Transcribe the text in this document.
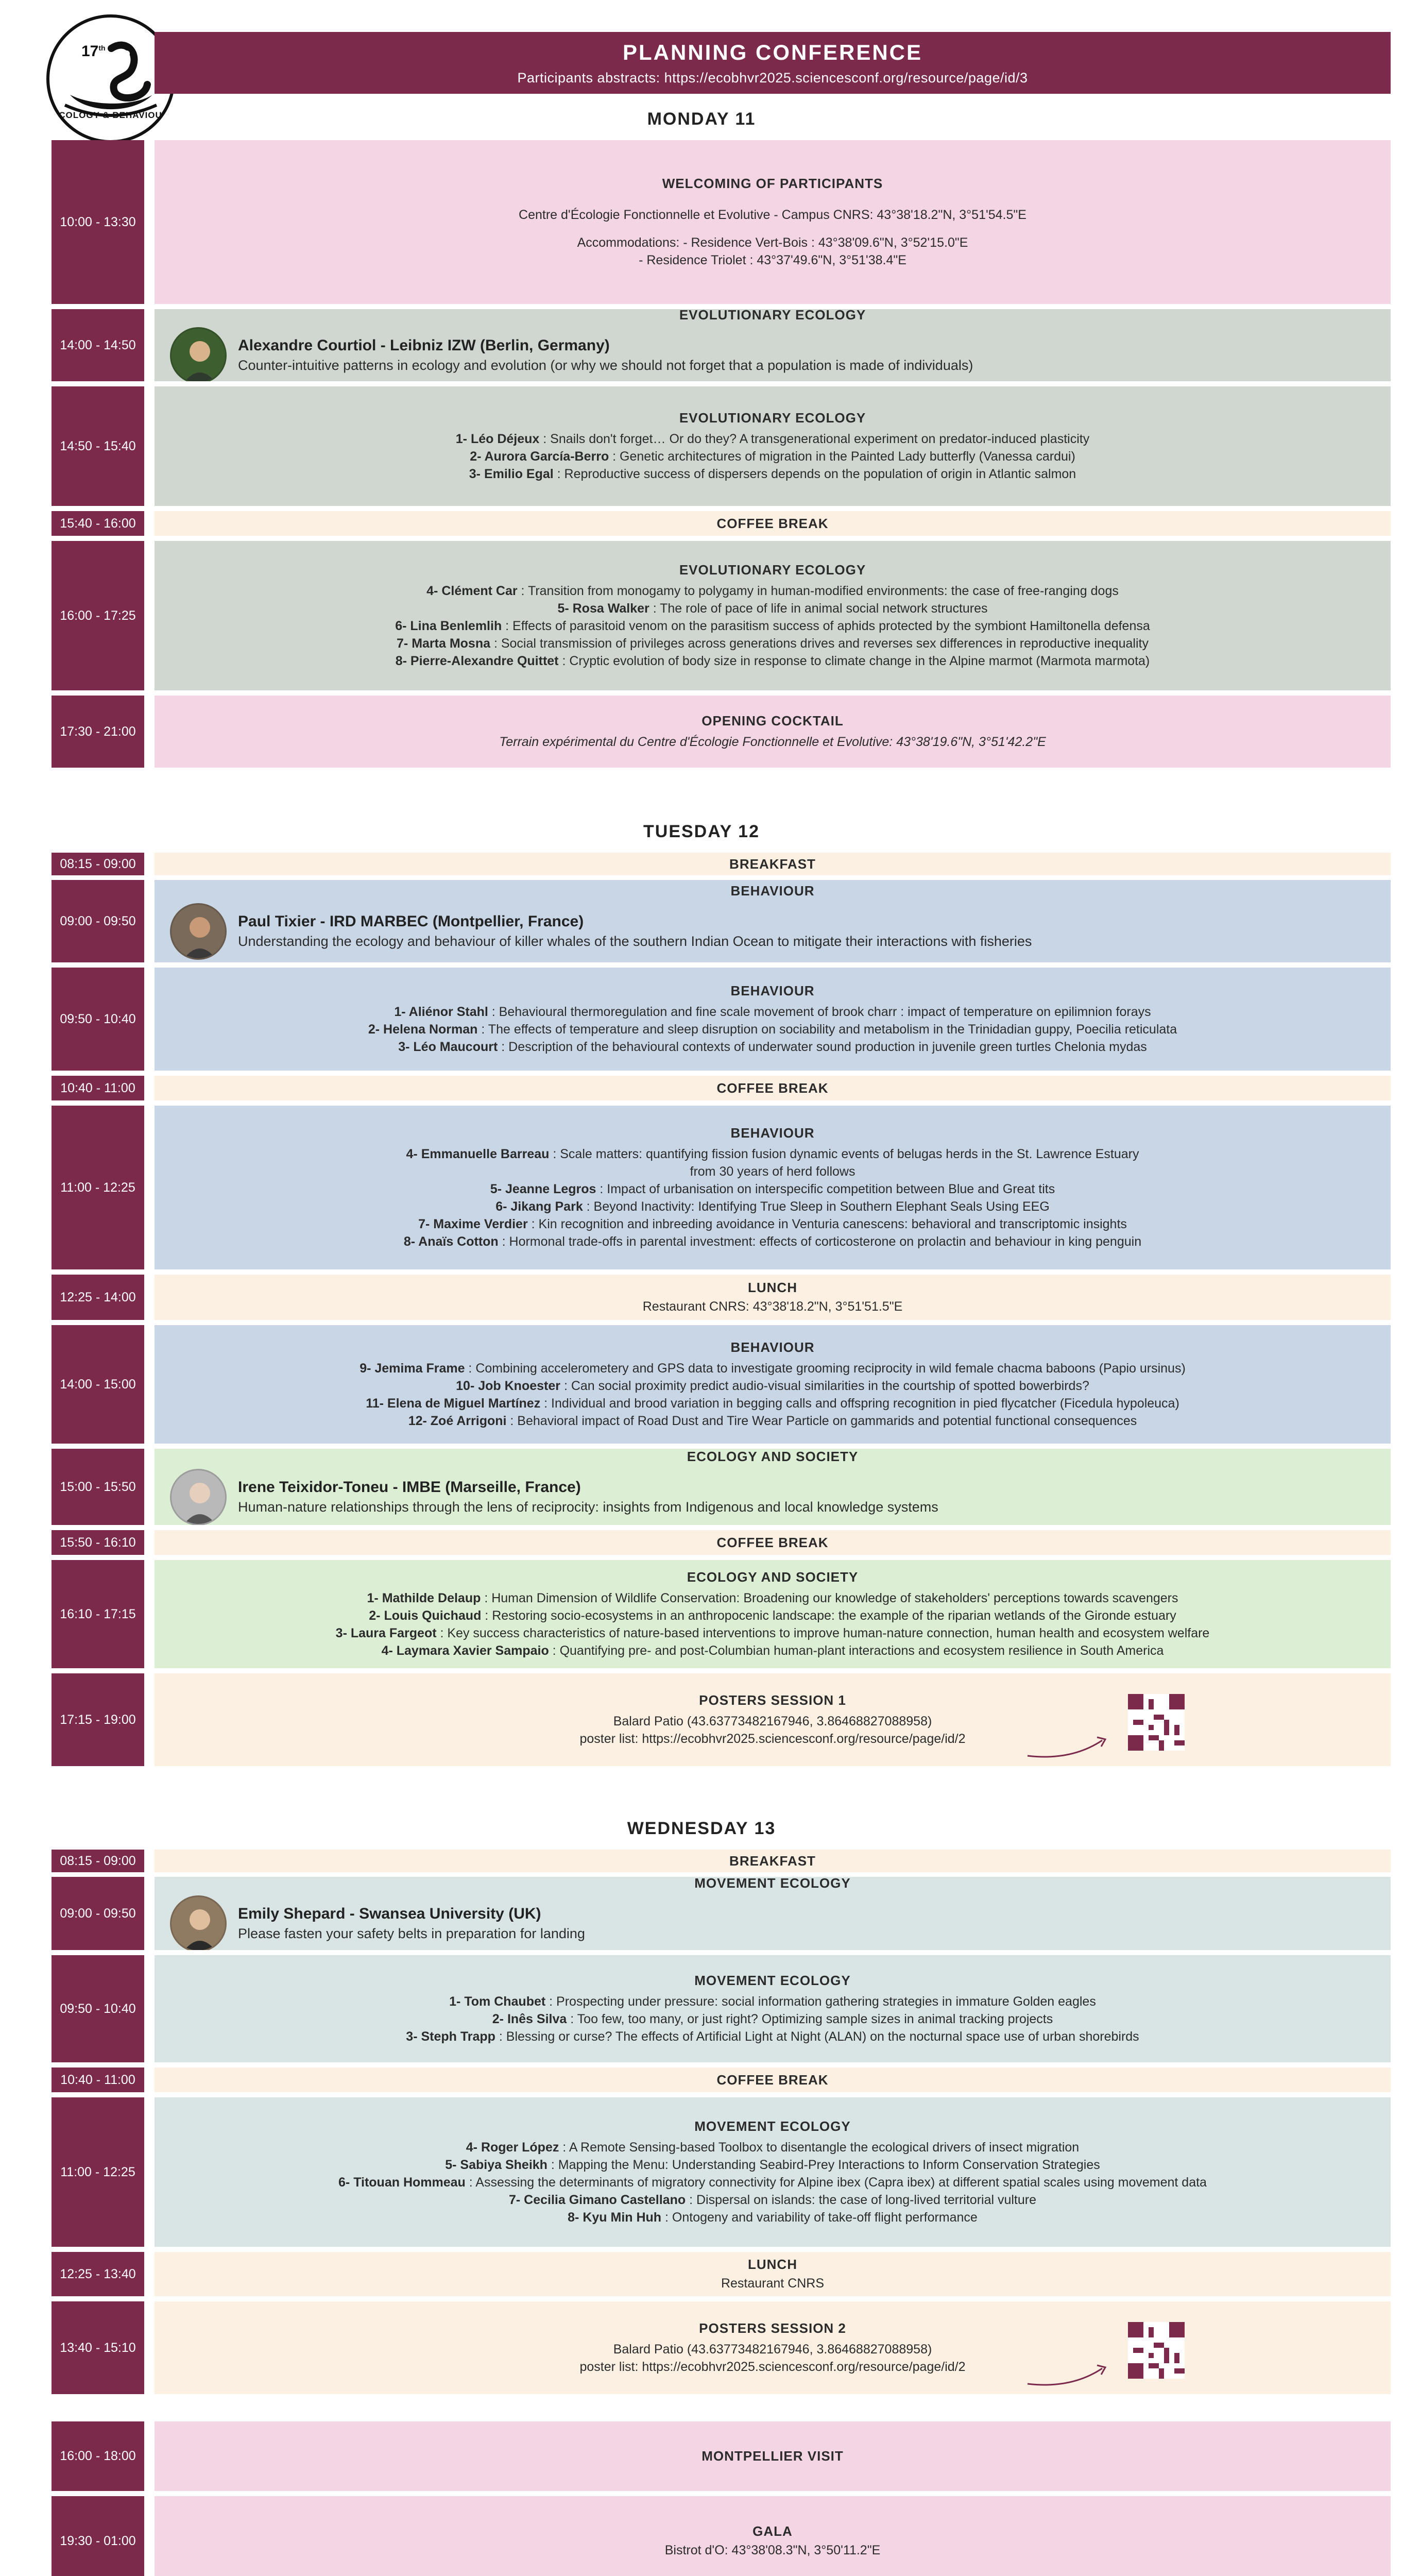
17th
ECOLOGY & BEHAVIOUR
PLANNING CONFERENCE
Participants abstracts: https://ecobhvr2025.sciencesconf.org/resource/page/id/3
MONDAY 11
10:00 - 13:30
WELCOMING OF PARTICIPANTS
Centre d'Écologie Fonctionnelle et Evolutive - Campus CNRS: 43°38'18.2"N, 3°51'54.5"E
Accommodations: - Residence Vert-Bois : 43°38'09.6"N, 3°52'15.0"E
- Residence Triolet : 43°37'49.6"N, 3°51'38.4"E
14:00 - 14:50
EVOLUTIONARY ECOLOGY
Alexandre Courtiol - Leibniz IZW (Berlin, Germany)
Counter-intuitive patterns in ecology and evolution (or why we should not forget that a population is made of individuals)
14:50 - 15:40
EVOLUTIONARY ECOLOGY
1- Léo Déjeux : Snails don't forget… Or do they? A transgenerational experiment on predator-induced plasticity
2- Aurora García-Berro : Genetic architectures of migration in the Painted Lady butterfly (Vanessa cardui)
3- Emilio Egal : Reproductive success of dispersers depends on the population of origin in Atlantic salmon
15:40 - 16:00	COFFEE BREAK
16:00 - 17:25
EVOLUTIONARY ECOLOGY
4- Clément Car : Transition from monogamy to polygamy in human-modified environments: the case of free-ranging dogs
5- Rosa Walker : The role of pace of life in animal social network structures
6- Lina Benlemlih : Effects of parasitoid venom on the parasitism success of aphids protected by the symbiont Hamiltonella defensa
7- Marta Mosna : Social transmission of privileges across generations drives and reverses sex differences in reproductive inequality
8- Pierre-Alexandre Quittet : Cryptic evolution of body size in response to climate change in the Alpine marmot (Marmota marmota)
17:30 - 21:00
OPENING COCKTAIL
Terrain expérimental du Centre d'Écologie Fonctionnelle et Evolutive: 43°38'19.6"N, 3°51'42.2"E
TUESDAY 12
08:15 - 09:00	BREAKFAST
09:00 - 09:50
BEHAVIOUR
Paul Tixier - IRD MARBEC (Montpellier, France)
Understanding the ecology and behaviour of killer whales of the southern Indian Ocean to mitigate their interactions with fisheries
09:50 - 10:40
BEHAVIOUR
1- Aliénor Stahl : Behavioural thermoregulation and fine scale movement of brook charr : impact of temperature on epilimnion forays
2- Helena Norman : The effects of temperature and sleep disruption on sociability and metabolism in the Trinidadian guppy, Poecilia reticulata
3- Léo Maucourt : Description of the behavioural contexts of underwater sound production in juvenile green turtles Chelonia mydas
10:40 - 11:00	COFFEE BREAK
11:00 - 12:25
BEHAVIOUR
4- Emmanuelle Barreau : Scale matters: quantifying fission fusion dynamic events of belugas herds in the St. Lawrence Estuary
from 30 years of herd follows
5- Jeanne Legros : Impact of urbanisation on interspecific competition between Blue and Great tits
6- Jikang Park : Beyond Inactivity: Identifying True Sleep in Southern Elephant Seals Using EEG
7- Maxime Verdier : Kin recognition and inbreeding avoidance in Venturia canescens: behavioral and transcriptomic insights
8- Anaïs Cotton : Hormonal trade-offs in parental investment: effects of corticosterone on prolactin and behaviour in king penguin
12:25 - 14:00
LUNCH
Restaurant CNRS: 43°38'18.2"N, 3°51'51.5"E
14:00 - 15:00
BEHAVIOUR
9- Jemima Frame : Combining accelerometery and GPS data to investigate grooming reciprocity in wild female chacma baboons (Papio ursinus)
10- Job Knoester : Can social proximity predict audio-visual similarities in the courtship of spotted bowerbirds?
11- Elena de Miguel Martínez : Individual and brood variation in begging calls and offspring recognition in pied flycatcher (Ficedula hypoleuca)
12- Zoé Arrigoni : Behavioral impact of Road Dust and Tire Wear Particle on gammarids and potential functional consequences
15:00 - 15:50
ECOLOGY AND SOCIETY
Irene Teixidor-Toneu - IMBE (Marseille, France)
Human-nature relationships through the lens of reciprocity: insights from Indigenous and local knowledge systems
15:50 - 16:10	COFFEE BREAK
16:10 - 17:15
ECOLOGY AND SOCIETY
1- Mathilde Delaup : Human Dimension of Wildlife Conservation: Broadening our knowledge of stakeholders' perceptions towards scavengers
2- Louis Quichaud : Restoring socio-ecosystems in an anthropocenic landscape: the example of the riparian wetlands of the Gironde estuary
3- Laura Fargeot : Key success characteristics of nature-based interventions to improve human-nature connection, human health and ecosystem welfare
4- Laymara Xavier Sampaio : Quantifying pre- and post-Columbian human-plant interactions and ecosystem resilience in South America
17:15 - 19:00
POSTERS SESSION 1
Balard Patio (43.63773482167946, 3.86468827088958)
poster list: https://ecobhvr2025.sciencesconf.org/resource/page/id/2
WEDNESDAY 13
08:15 - 09:00	BREAKFAST
09:00 - 09:50
MOVEMENT ECOLOGY
Emily Shepard - Swansea University (UK)
Please fasten your safety belts in preparation for landing
09:50 - 10:40
MOVEMENT ECOLOGY
1- Tom Chaubet : Prospecting under pressure: social information gathering strategies in immature Golden eagles
2- Inês Silva : Too few, too many, or just right? Optimizing sample sizes in animal tracking projects
3- Steph Trapp : Blessing or curse? The effects of Artificial Light at Night (ALAN) on the nocturnal space use of urban shorebirds
10:40 - 11:00	COFFEE BREAK
11:00 - 12:25
MOVEMENT ECOLOGY
4- Roger López : A Remote Sensing-based Toolbox to disentangle the ecological drivers of insect migration
5- Sabiya Sheikh : Mapping the Menu: Understanding Seabird-Prey Interactions to Inform Conservation Strategies
6- Titouan Hommeau : Assessing the determinants of migratory connectivity for Alpine ibex (Capra ibex) at different spatial scales using movement data
7- Cecilia Gimano Castellano : Dispersal on islands: the case of long-lived territorial vulture
8- Kyu Min Huh : Ontogeny and variability of take-off flight performance
12:25 - 13:40
LUNCH
Restaurant CNRS
13:40 - 15:10
POSTERS SESSION 2
Balard Patio (43.63773482167946, 3.86468827088958)
poster list: https://ecobhvr2025.sciencesconf.org/resource/page/id/2
16:00 - 18:00	MONTPELLIER VISIT
19:30 - 01:00
GALA
Bistrot d'O: 43°38'08.3"N, 3°50'11.2"E
